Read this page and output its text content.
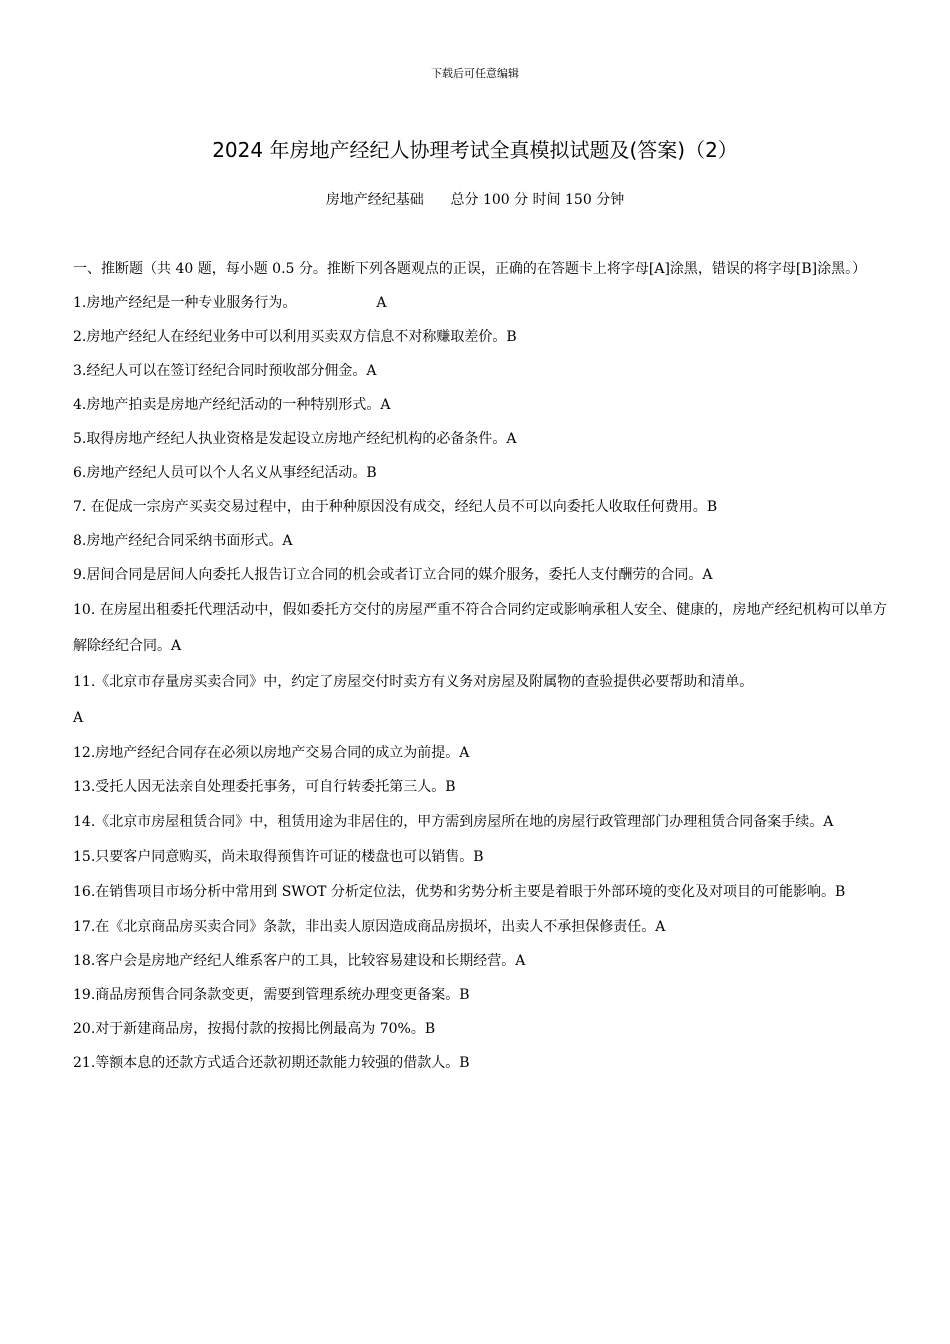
下载后可任意编辑
2024 年房地产经纪人协理考试全真模拟试题及(答案)（2）
房地产经纪基础      总分 100 分 时间 150 分钟

一、推断题（共 40 题，每小题 0.5 分。推断下列各题观点的正误，正确的在答题卡上将字母[A]涂黑，错误的将字母[B]涂黑。）

1.房地产经纪是一种专业服务行为。	A

2.房地产经纪人在经纪业务中可以利用买卖双方信息不对称赚取差价。B

3.经纪人可以在签订经纪合同时预收部分佣金。A

4.房地产拍卖是房地产经纪活动的一种特别形式。A

5.取得房地产经纪人执业资格是发起设立房地产经纪机构的必备条件。A

6.房地产经纪人员可以个人名义从事经纪活动。B

7. 在促成一宗房产买卖交易过程中，由于种种原因没有成交，经纪人员不可以向委托人收取任何费用。B

8.房地产经纪合同采纳书面形式。A

9.居间合同是居间人向委托人报告订立合同的机会或者订立合同的媒介服务，委托人支付酬劳的合同。A

10. 在房屋出租委托代理活动中，假如委托方交付的房屋严重不符合合同约定或影响承租人安全、健康的，房地产经纪机构可以单方解除经纪合同。A

11.《北京市存量房买卖合同》中，约定了房屋交付时卖方有义务对房屋及附属物的查验提供必要帮助和清单。
A

12.房地产经纪合同存在必须以房地产交易合同的成立为前提。A

13.受托人因无法亲自处理委托事务，可自行转委托第三人。B

14.《北京市房屋租赁合同》中，租赁用途为非居住的，甲方需到房屋所在地的房屋行政管理部门办理租赁合同备案手续。A

15.只要客户同意购买，尚未取得预售许可证的楼盘也可以销售。B

16.在销售项目市场分析中常用到 SWOT 分析定位法，优势和劣势分析主要是着眼于外部环境的变化及对项目的可能影响。B

17.在《北京商品房买卖合同》条款，非出卖人原因造成商品房损坏，出卖人不承担保修责任。A

18.客户会是房地产经纪人维系客户的工具，比较容易建设和长期经营。A

19.商品房预售合同条款变更，需要到管理系统办理变更备案。B

20.对于新建商品房，按揭付款的按揭比例最高为 70%。B

21.等额本息的还款方式适合还款初期还款能力较强的借款人。B
